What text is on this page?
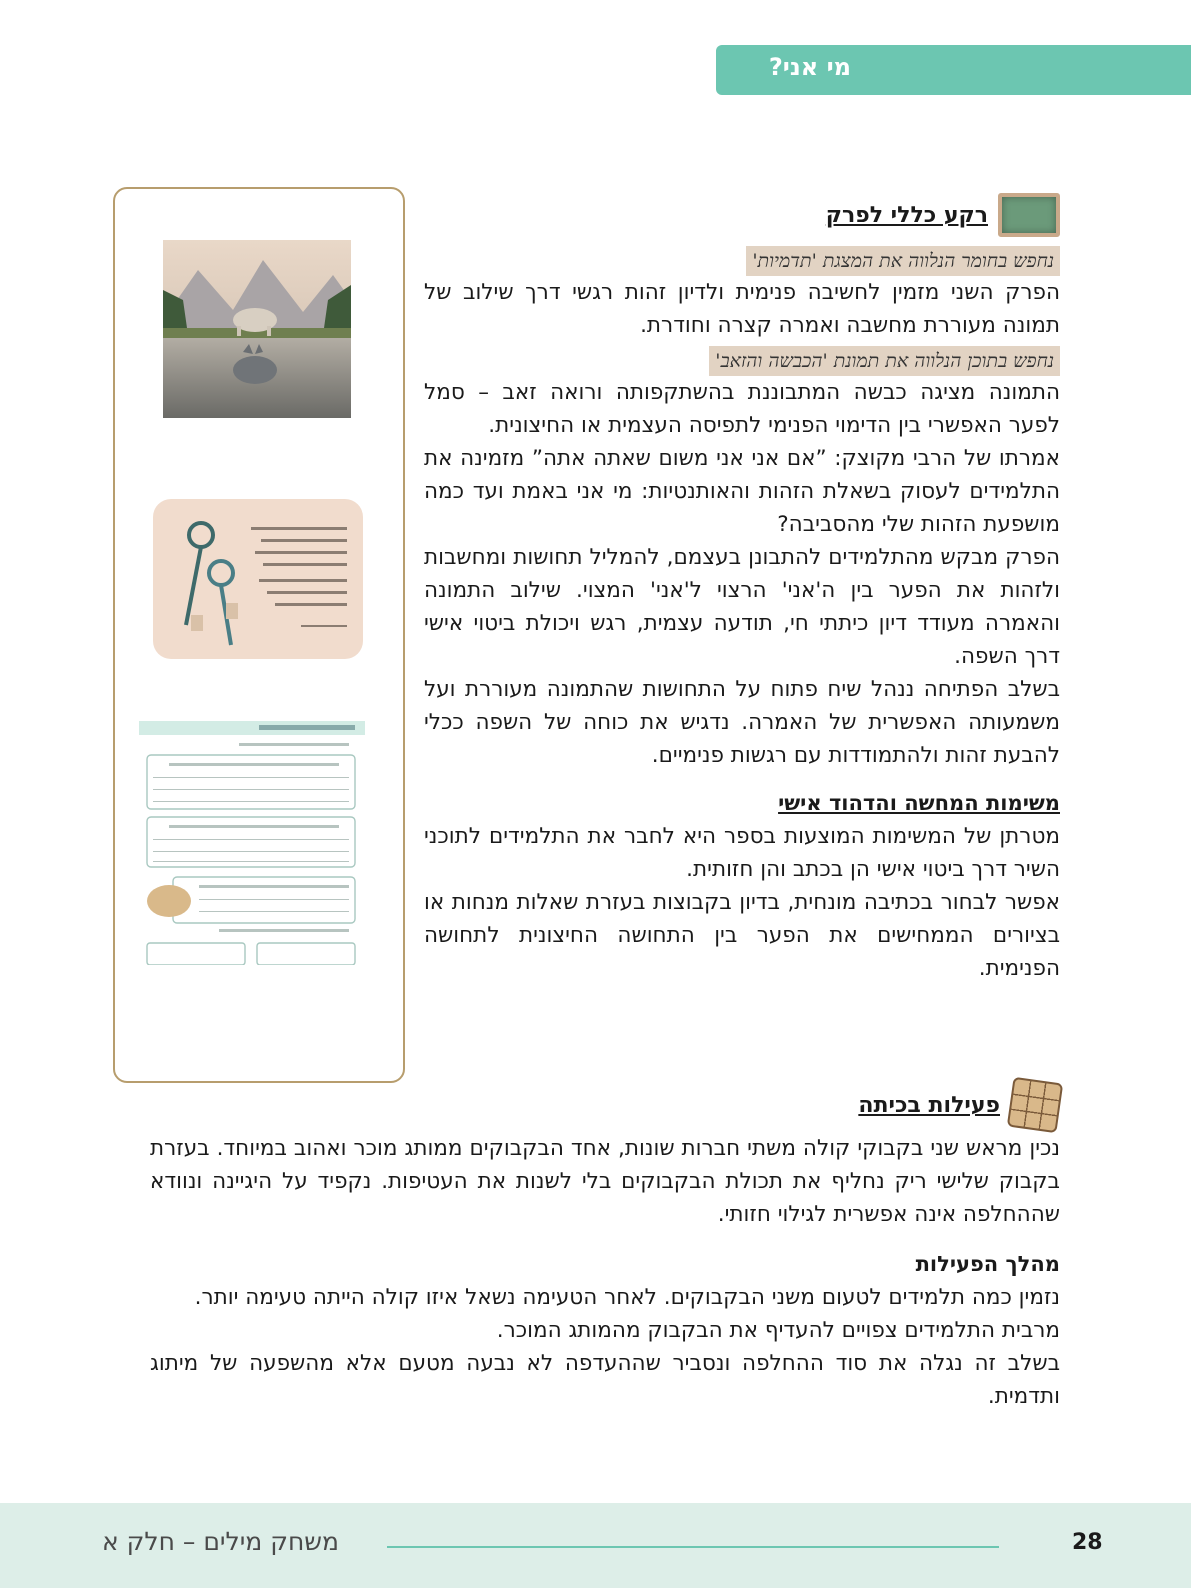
מי אני?
רקע כללי לפרק
נחפש בחומר הנלווה את המצגת 'תדמיות'

הפרק השני מזמין לחשיבה פנימית ולדיון זהות רגשי דרך שילוב של תמונה מעוררת מחשבה ואמרה קצרה וחודרת.

נחפש בתוכן הנלווה את תמונת 'הכבשה והזאב'

התמונה מציגה כבשה המתבוננת בהשתקפותה ורואה זאב – סמל לפער האפשרי בין הדימוי הפנימי לתפיסה העצמית או החיצונית.

אמרתו של הרבי מקוצק: ”אם אני אני משום שאתה אתה” מזמינה את התלמידים לעסוק בשאלת הזהות והאותנטיות: מי אני באמת ועד כמה מושפעת הזהות שלי מהסביבה?

הפרק מבקש מהתלמידים להתבונן בעצמם, להמליל תחושות ומחשבות ולזהות את הפער בין ה'אני' הרצוי ל'אני' המצוי. שילוב התמונה והאמרה מעודד דיון כיתתי חי, תודעה עצמית, רגש ויכולת ביטוי אישי דרך השפה.

בשלב הפתיחה ננהל שיח פתוח על התחושות שהתמונה מעוררת ועל משמעותה האפשרית של האמרה. נדגיש את כוחה של השפה ככלי להבעת זהות ולהתמודדות עם רגשות פנימיים.

משימות המחשה והדהוד אישי

מטרתן של המשימות המוצעות בספר היא לחבר את התלמידים לתוכני השיר דרך ביטוי אישי הן בכתב והן חזותית.

אפשר לבחור בכתיבה מונחית, בדיון בקבוצות בעזרת שאלות מנחות או בציורים הממחישים את הפער בין התחושה החיצונית לתחושה הפנימית.

פעילות בכיתה

נכין מראש שני בקבוקי קולה משתי חברות שונות, אחד הבקבוקים ממותג מוכר ואהוב במיוחד. בעזרת בקבוק שלישי ריק נחליף את תכולת הבקבוקים בלי לשנות את העטיפות. נקפיד על היגיינה ונוודא שההחלפה אינה אפשרית לגילוי חזותי.

מהלך הפעילות

נזמין כמה תלמידים לטעום משני הבקבוקים. לאחר הטעימה נשאל איזו קולה הייתה טעימה יותר.

מרבית התלמידים צפויים להעדיף את הבקבוק מהמותג המוכר.

בשלב זה נגלה את סוד ההחלפה ונסביר שההעדפה לא נבעה מטעם אלא מהשפעה של מיתוג ותדמית.

משחק מילים – חלק א	28
